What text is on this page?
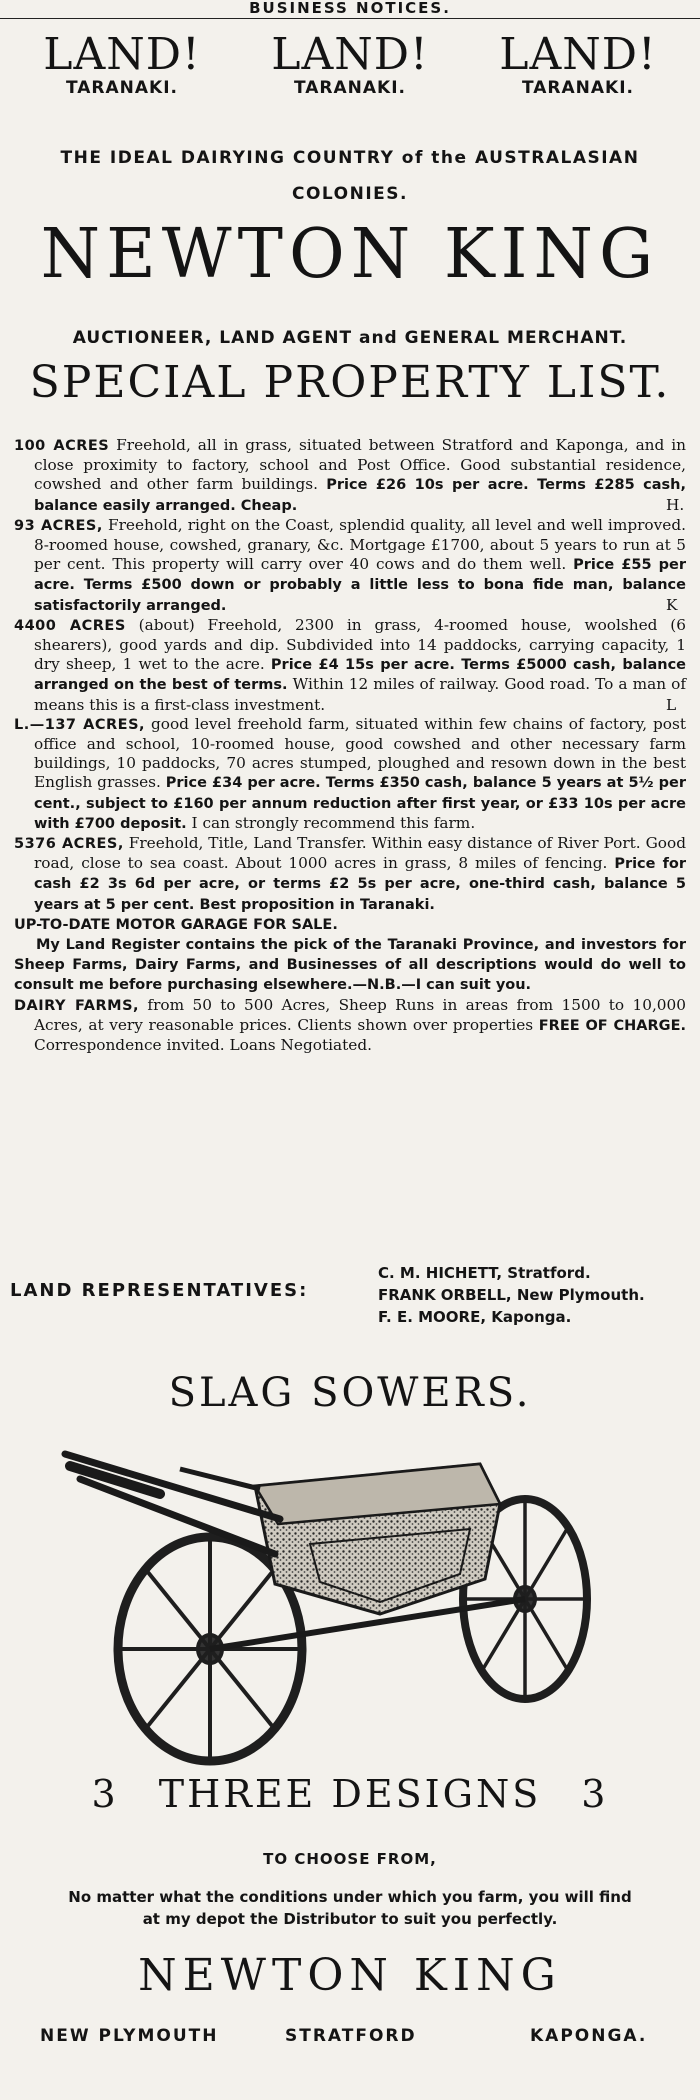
BUSINESS NOTICES.
LAND!
TARANAKI.
LAND!
TARANAKI.
LAND!
TARANAKI.
THE IDEAL DAIRYING COUNTRY of the AUSTRALASIAN
COLONIES.
NEWTON KING
AUCTIONEER, LAND AGENT and GENERAL MERCHANT.
SPECIAL PROPERTY LIST.

100 ACRES Freehold, all in grass, situated between Stratford and Kaponga, and in close proximity to factory, school and Post Office. Good substantial residence, cowshed and other farm buildings. Price £26 10s per acre. Terms £285 cash, balance easily arranged. Cheap.	H.

93 ACRES, Freehold, right on the Coast, splendid quality, all level and well improved. 8-roomed house, cowshed, granary, &c. Mortgage £1700, about 5 years to run at 5 per cent. This property will carry over 40 cows and do them well. Price £55 per acre. Terms £500 down or probably a little less to bona fide man, balance satisfactorily arranged.	K

4400 ACRES (about) Freehold, 2300 in grass, 4-roomed house, woolshed (6 shearers), good yards and dip. Subdivided into 14 paddocks, carrying capacity, 1 dry sheep, 1 wet to the acre. Price £4 15s per acre. Terms £5000 cash, balance arranged on the best of terms. Within 12 miles of railway. Good road. To a man of means this is a first-class investment.	L

L.—137 ACRES, good level freehold farm, situated within few chains of factory, post office and school, 10-roomed house, good cowshed and other necessary farm buildings, 10 paddocks, 70 acres stumped, ploughed and resown down in the best English grasses. Price £34 per acre. Terms £350 cash, balance 5 years at 5½ per cent., subject to £160 per annum reduction after first year, or £33 10s per acre with £700 deposit. I can strongly recommend this farm.

5376 ACRES, Freehold, Title, Land Transfer. Within easy distance of River Port. Good road, close to sea coast. About 1000 acres in grass, 8 miles of fencing. Price for cash £2 3s 6d per acre, or terms £2 5s per acre, one-third cash, balance 5 years at 5 per cent. Best proposition in Taranaki.

UP-TO-DATE MOTOR GARAGE FOR SALE.

My Land Register contains the pick of the Taranaki Province, and investors for Sheep Farms, Dairy Farms, and Businesses of all descriptions would do well to consult me before purchasing elsewhere.—N.B.—I can suit you.

DAIRY FARMS, from 50 to 500 Acres, Sheep Runs in areas from 1500 to 10,000 Acres, at very reasonable prices. Clients shown over properties FREE OF CHARGE. Correspondence invited. Loans Negotiated.

LAND REPRESENTATIVES:
C. M. HICHETT, Stratford.
FRANK ORBELL, New Plymouth.
F. E. MOORE, Kaponga.
SLAG SOWERS.
3 THREE DESIGNS 3
TO CHOOSE FROM,
No matter what the conditions under which you farm, you will find at my depot the Distributor to suit you perfectly.
NEWTON KING
NEW PLYMOUTH	STRATFORD	KAPONGA.
